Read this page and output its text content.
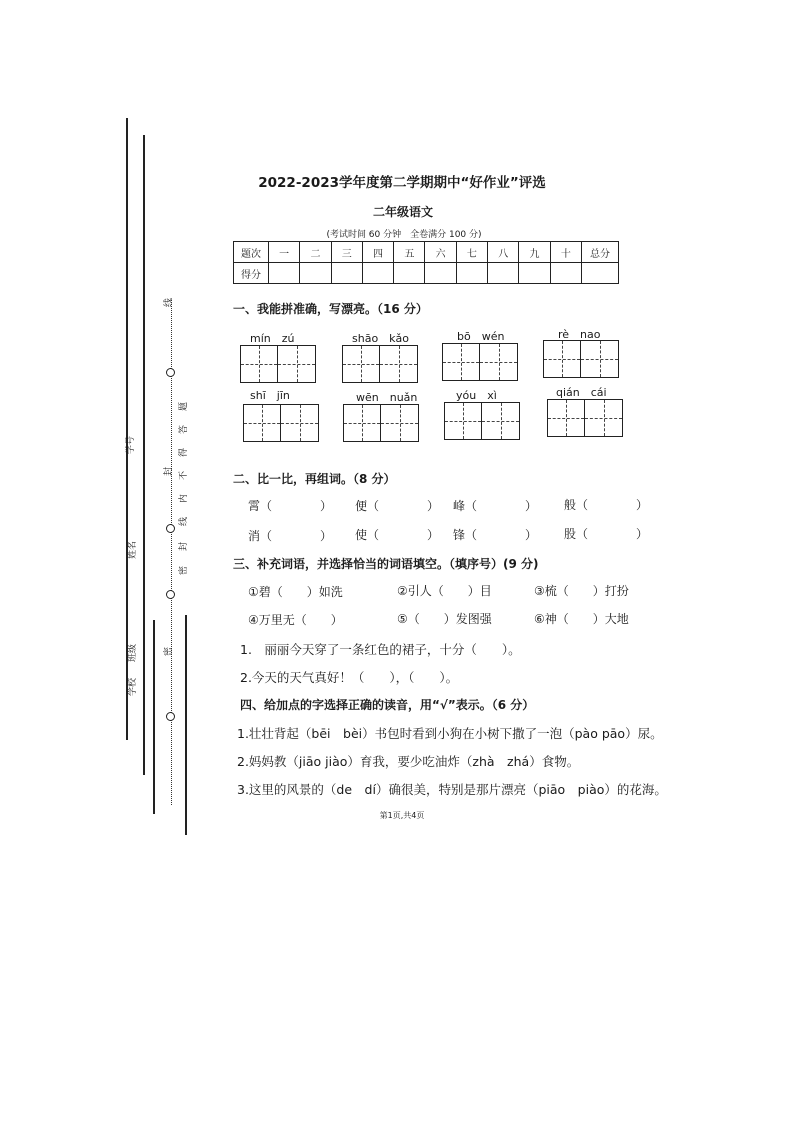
线
封
密
题
答
得
不
内
线
封
密
学号
姓名
班级
学校
2022-2023学年度第二学期期中“好作业”评选
二年级语文
(考试时间 60 分钟　全卷满分 100 分)
题次	一	二	三	四	五	六	七	八	九	十	总分
得分											
一、我能拼准确，写漂亮。（16 分）
mín　zú	shāo　kǎo	bō　wén	rè　nao
shī　jīn	wēn　nuǎn	yóu　xì	qián　cái
二、比一比，再组词。（8 分）
霄（　　　　） 便（　　　　） 峰（　　　　） 般（　　　　）
消（　　　　） 使（　　　　） 锋（　　　　） 股（　　　　）
三、补充词语，并选择恰当的词语填空。（填序号）(9 分)
①碧（　　）如洗	②引人（　　）目	③梳（　　）打扮
④万里无（　　）	⑤（　　）发图强	⑥神（　　）大地
1.　丽丽今天穿了一条红色的裙子，十分（　　）。
2.今天的天气真好！（　　），（　　）。
四、给加点的字选择正确的读音，用“√”表示。（6 分）
1.壮壮背起（bēi　bèi）书包时看到小狗在小树下撒了一泡（pào pāo）尿。
2.妈妈教（jiāo jiào）育我，要少吃油炸（zhà　zhá）食物。
3.这里的风景的（de　dí）确很美，特别是那片漂亮（piāo　piào）的花海。
第1页,共4页
